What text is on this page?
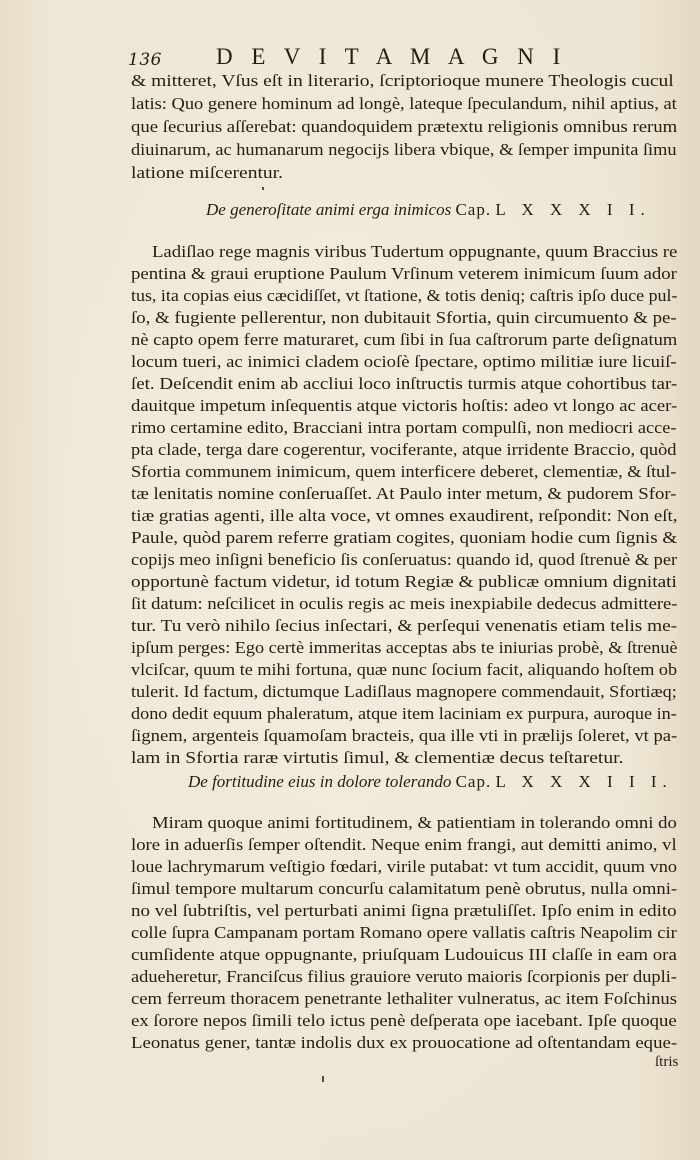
136 D E V I T A M A G N I
& mitteret, Vſus eſt in literario, ſcriptorioque munere Theologis cucul
latis: Quo genere hominum ad longè, lateque ſpeculandum, nihil aptius, at
que ſecurius aſſerebat: quandoquidem prætextu religionis omnibus rerum
diuinarum, ac humanarum negocijs libera vbique, & ſemper impunita ſimu
latione miſcerentur.
De generoſitate animi erga inimicos Cap. L X X X I I.
Ladiſlao rege magnis viribus Tudertum oppugnante, quum Braccius re
pentina & graui eruptione Paulum Vrſinum veterem inimicum ſuum ador
tus, ita copias eius cæcidiſſet, vt ſtatione, & totis deniq; caſtris ipſo duce pul-
ſo, & fugiente pellerentur, non dubitauit Sfortia, quin circumuento & pe-
nè capto opem ferre maturaret, cum ſibi in ſua caſtrorum parte deſignatum
locum tueri, ac inimici cladem ocioſè ſpectare, optimo militiæ iure licuiſ-
ſet. Deſcendit enim ab accliui loco inſtructis turmis atque cohortibus tar-
dauitque impetum inſequentis atque victoris hoſtis: adeo vt longo ac acer-
rimo certamine edito, Bracciani intra portam compulſi, non mediocri acce-
pta clade, terga dare cogerentur, vociferante, atque irridente Braccio, quòd
Sfortia communem inimicum, quem interficere deberet, clementiæ, & ſtul-
tæ lenitatis nomine conſeruaſſet. At Paulo inter metum, & pudorem Sfor-
tiæ gratias agenti, ille alta voce, vt omnes exaudirent, reſpondit: Non eſt,
Paule, quòd parem referre gratiam cogites, quoniam hodie cum ſignis &
copijs meo inſigni beneficio ſis conſeruatus: quando id, quod ſtrenuè & per
opportunè factum videtur, id totum Regiæ & publicæ omnium dignitati
ſit datum: neſcilicet in oculis regis ac meis inexpiabile dedecus admittere-
tur. Tu verò nihilo ſecius inſectari, & perſequi venenatis etiam telis me-
ipſum perges: Ego certè immeritas acceptas abs te iniurias probè, & ſtrenuè
vlciſcar, quum te mihi fortuna, quæ nunc ſocium facit, aliquando hoſtem ob
tulerit. Id factum, dictumque Ladiſlaus magnopere commendauit, Sfortiæq;
dono dedit equum phaleratum, atque item laciniam ex purpura, auroque in-
ſignem, argenteis ſquamoſam bracteis, qua ille vti in prælijs ſoleret, vt pa-
lam in Sfortia raræ virtutis ſimul, & clementiæ decus teſtaretur.
De fortitudine eius in dolore tolerando Cap. L X X X I I I.
Miram quoque animi fortitudinem, & patientiam in tolerando omni do
lore in aduerſis ſemper oſtendit. Neque enim frangi, aut demitti animo, vl
loue lachrymarum veſtigio fœdari, virile putabat: vt tum accidit, quum vno
ſimul tempore multarum concurſu calamitatum penè obrutus, nulla omni-
no vel ſubtriſtis, vel perturbati animi ſigna prætuliſſet. Ipſo enim in edito
colle ſupra Campanam portam Romano opere vallatis caſtris Neapolim cir
cumſidente atque oppugnante, priuſquam Ludouicus III claſſe in eam ora
adueheretur, Franciſcus filius grauiore veruto maioris ſcorpionis per dupli-
cem ferreum thoracem penetrante lethaliter vulneratus, ac item Foſchinus
ex ſorore nepos ſimili telo ictus penè deſperata ope iacebant. Ipſe quoque
Leonatus gener, tantæ indolis dux ex prouocatione ad oſtentandam eque-
ſtris
